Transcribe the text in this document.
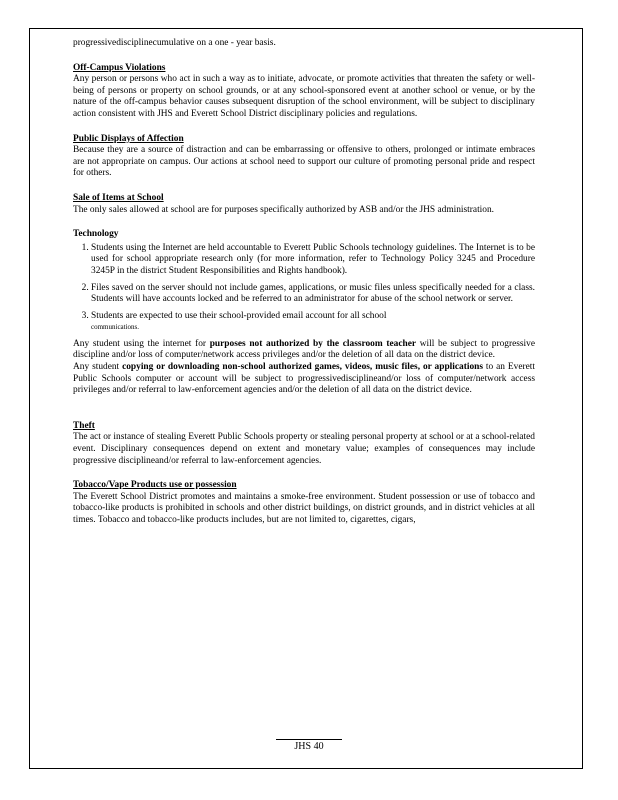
progressivedisciplinecumulative on a one - year basis.

Off-Campus Violations

Any person or persons who act in such a way as to initiate, advocate, or promote activities that threaten the safety or well-being of persons or property on school grounds, or at any school-sponsored event at another school or venue, or by the nature of the off-campus behavior causes subsequent disruption of the school environment, will be subject to disciplinary action consistent with JHS and Everett School District disciplinary policies and regulations.

Public Displays of Affection

Because they are a source of distraction and can be embarrassing or offensive to others, prolonged or intimate embraces are not appropriate on campus. Our actions at school need to support our culture of promoting personal pride and respect for others.

Sale of Items at School

The only sales allowed at school are for purposes specifically authorized by ASB and/or the JHS administration.

Technology
1. Students using the Internet are held accountable to Everett Public Schools technology guidelines. The Internet is to be used for school appropriate research only (for more information, refer to Technology Policy 3245 and Procedure 3245P in the district Student Responsibilities and Rights handbook).
2. Files saved on the server should not include games, applications, or music files unless specifically needed for a class. Students will have accounts locked and be referred to an administrator for abuse of the school network or server.
3. Students are expected to use their school-provided email account for all school
communications.

Any student using the internet for purposes not authorized by the classroom teacher will be subject to progressive discipline and/or loss of computer/network access privileges and/or the deletion of all data on the district device.

Any student copying or downloading non-school authorized games, videos, music files, or applications to an Everett Public Schools computer or account will be subject to progressivedisciplineand/or loss of computer/network access privileges and/or referral to law-enforcement agencies and/or the deletion of all data on the district device.

Theft

The act or instance of stealing Everett Public Schools property or stealing personal property at school or at a school-related event. Disciplinary consequences depend on extent and monetary value; examples of consequences may include progressive disciplineand/or referral to law-enforcement agencies.

Tobacco/Vape Products use or possession

The Everett School District promotes and maintains a smoke-free environment. Student possession or use of tobacco and tobacco-like products is prohibited in schools and other district buildings, on district grounds, and in district vehicles at all times. Tobacco and tobacco-like products includes, but are not limited to, cigarettes, cigars,

JHS 40
